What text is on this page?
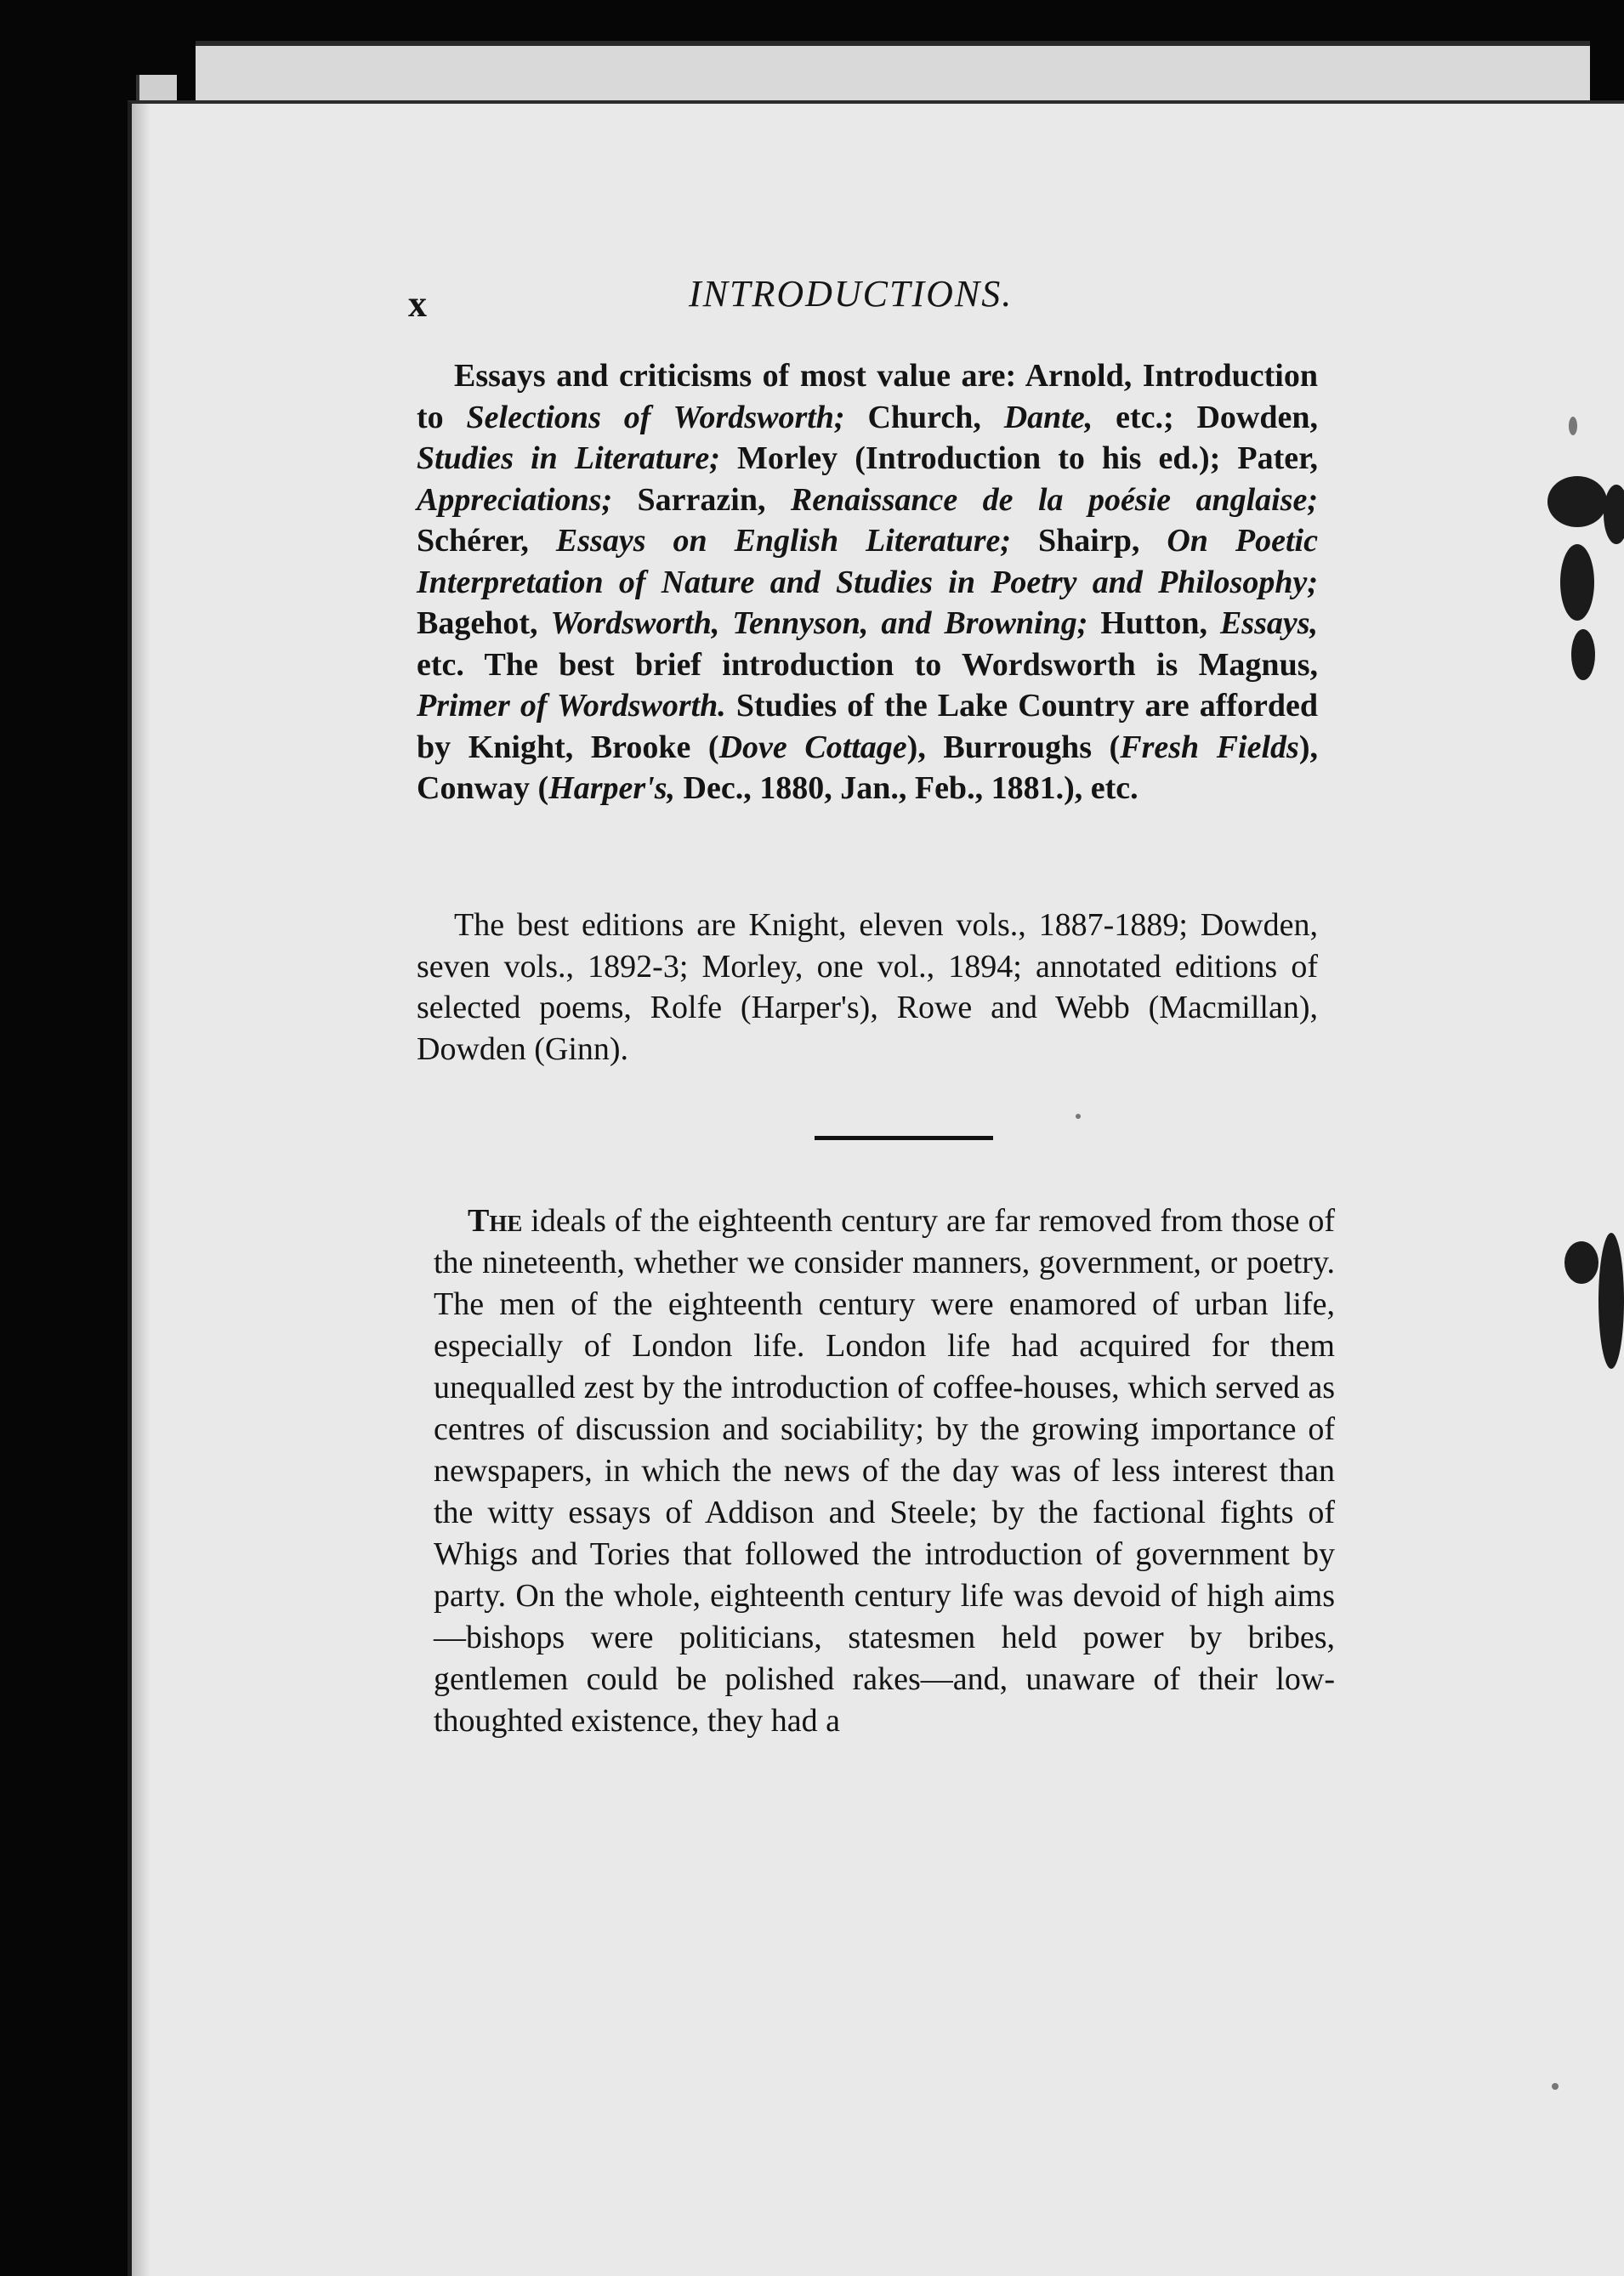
x	INTRODUCTIONS.

Essays and criticisms of most value are: Arnold, Introduction to Selections of Wordsworth; Church, Dante, etc.; Dowden, Studies in Literature; Morley (Introduction to his ed.); Pater, Appreciations; Sarrazin, Renaissance de la poésie anglaise; Schérer, Essays on English Literature; Shairp, On Poetic Interpretation of Nature and Studies in Poetry and Philosophy; Bagehot, Wordsworth, Tennyson, and Browning; Hutton, Essays, etc. The best brief introduction to Wordsworth is Magnus, Primer of Wordsworth. Studies of the Lake Country are afforded by Knight, Brooke (Dove Cottage), Burroughs (Fresh Fields), Conway (Harper's, Dec., 1880, Jan., Feb., 1881.), etc.

The best editions are Knight, eleven vols., 1887-1889; Dowden, seven vols., 1892-3; Morley, one vol., 1894; annotated editions of selected poems, Rolfe (Harper's), Rowe and Webb (Macmillan), Dowden (Ginn).

The ideals of the eighteenth century are far removed from those of the nineteenth, whether we consider manners, government, or poetry. The men of the eighteenth century were enamored of urban life, especially of London life. London life had acquired for them unequalled zest by the introduction of coffee-houses, which served as centres of discussion and sociability; by the growing importance of newspapers, in which the news of the day was of less interest than the witty essays of Addison and Steele; by the factional fights of Whigs and Tories that followed the introduction of government by party. On the whole, eighteenth century life was devoid of high aims—bishops were politicians, statesmen held power by bribes, gentlemen could be polished rakes—and, unaware of their low-thoughted existence, they had a
